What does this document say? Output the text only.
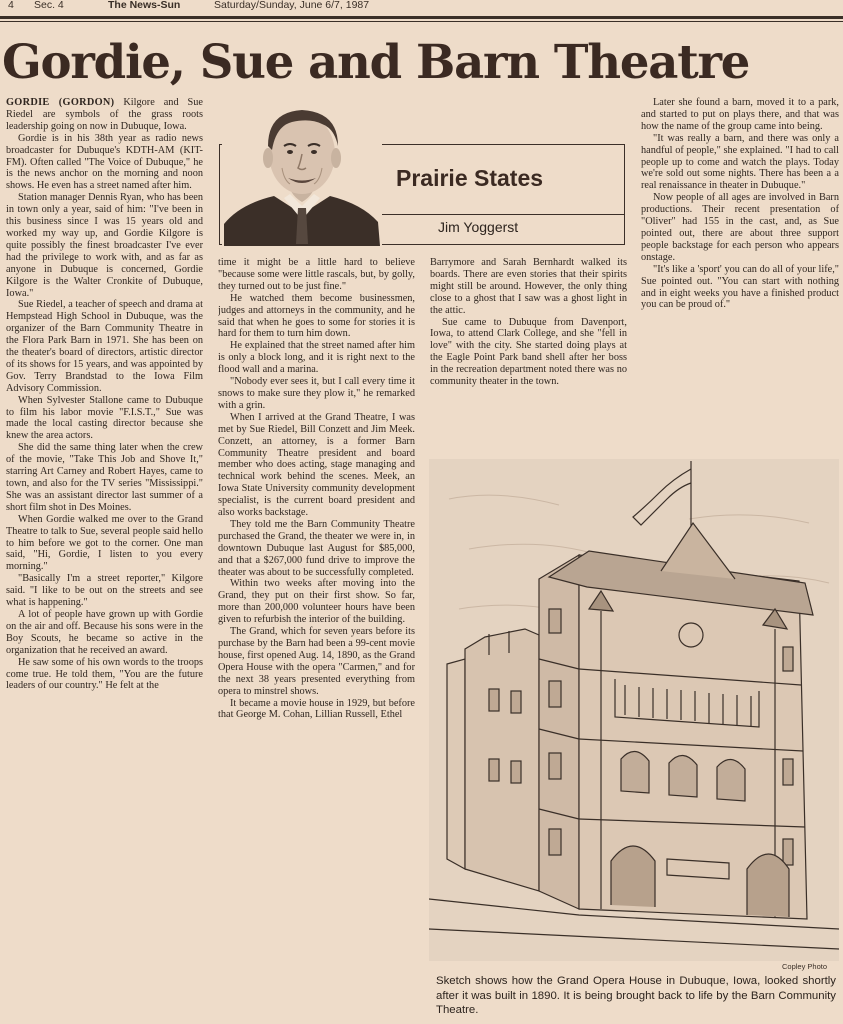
4 Sec. 4	The News-Sun	Saturday/Sunday, June 6/7, 1987
Gordie, Sue and Barn Theatre

GORDIE (GORDON) Kilgore and Sue Riedel are symbols of the grass roots leadership going on now in Dubuque, Iowa.

Gordie is in his 38th year as radio news broadcaster for Dubuque's KDTH-AM (KIT-FM). Often called "The Voice of Dubuque," he is the news anchor on the morning and noon shows. He even has a street named after him.

Station manager Dennis Ryan, who has been in town only a year, said of him: "I've been in this business since I was 15 years old and worked my way up, and Gordie Kilgore is quite possibly the finest broadcaster I've ever had the privilege to work with, and as far as anyone in Dubuque is concerned, Gordie Kilgore is the Walter Cronkite of Dubuque, Iowa."

Sue Riedel, a teacher of speech and drama at Hempstead High School in Dubuque, was the organizer of the Barn Community Theatre in the Flora Park Barn in 1971. She has been on the theater's board of directors, artistic director of its shows for 15 years, and was appointed by Gov. Terry Brandstad to the Iowa Film Advisory Commission.

When Sylvester Stallone came to Dubuque to film his labor movie "F.I.S.T.," Sue was made the local casting director because she knew the area actors.

She did the same thing later when the crew of the movie, "Take This Job and Shove It," starring Art Carney and Robert Hayes, came to town, and also for the TV series "Mississippi." She was an assistant director last summer of a short film shot in Des Moines.

When Gordie walked me over to the Grand Theatre to talk to Sue, several people said hello to him before we got to the corner. One man said, "Hi, Gordie, I listen to you every morning."

"Basically I'm a street reporter," Kilgore said. "I like to be out on the streets and see what is happening."

A lot of people have grown up with Gordie on the air and off. Because his sons were in the Boy Scouts, he became so active in the organization that he received an award.

He saw some of his own words to the troops come true. He told them, "You are the future leaders of our country." He felt at the

Prairie States
Jim Yoggerst

time it might be a little hard to believe "because some were little rascals, but, by golly, they turned out to be just fine."

He watched them become businessmen, judges and attorneys in the community, and he said that when he goes to some for stories it is hard for them to turn him down.

He explained that the street named after him is only a block long, and it is right next to the flood wall and a marina.

"Nobody ever sees it, but I call every time it snows to make sure they plow it," he remarked with a grin.

When I arrived at the Grand Theatre, I was met by Sue Riedel, Bill Conzett and Jim Meek. Conzett, an attorney, is a former Barn Community Theatre president and board member who does acting, stage managing and technical work behind the scenes. Meek, an Iowa State University community development specialist, is the current board president and also works backstage.

They told me the Barn Community Theatre purchased the Grand, the theater we were in, in downtown Dubuque last August for $85,000, and that a $267,000 fund drive to improve the theater was about to be successfully completed.

Within two weeks after moving into the Grand, they put on their first show. So far, more than 200,000 volunteer hours have been given to refurbish the interior of the building.

The Grand, which for seven years before its purchase by the Barn had been a 99-cent movie house, first opened Aug. 14, 1890, as the Grand Opera House with the opera "Carmen," and for the next 38 years presented everything from opera to minstrel shows.

It became a movie house in 1929, but before that George M. Cohan, Lillian Russell, Ethel

Barrymore and Sarah Bernhardt walked its boards. There are even stories that their spirits might still be around. However, the only thing close to a ghost that I saw was a ghost light in the attic.

Sue came to Dubuque from Davenport, Iowa, to attend Clark College, and she "fell in love" with the city. She started doing plays at the Eagle Point Park band shell after her boss in the recreation department noted there was no community theater in the town.

Later she found a barn, moved it to a park, and started to put on plays there, and that was how the name of the group came into being.

"It was really a barn, and there was only a handful of people," she explained. "I had to call people up to come and watch the plays. Today we're sold out some nights. There has been a a real renaissance in theater in Dubuque."

Now people of all ages are involved in Barn productions. Their recent presentation of "Oliver" had 155 in the cast, and, as Sue pointed out, there are about three support people backstage for each person who appears onstage.

"It's like a 'sport' you can do all of your life," Sue pointed out. "You can start with nothing and in eight weeks you have a finished product you can be proud of."

Copley Photo
Sketch shows how the Grand Opera House in Dubuque, Iowa, looked shortly after it was built in 1890. It is being brought back to life by the Barn Community Theatre.
